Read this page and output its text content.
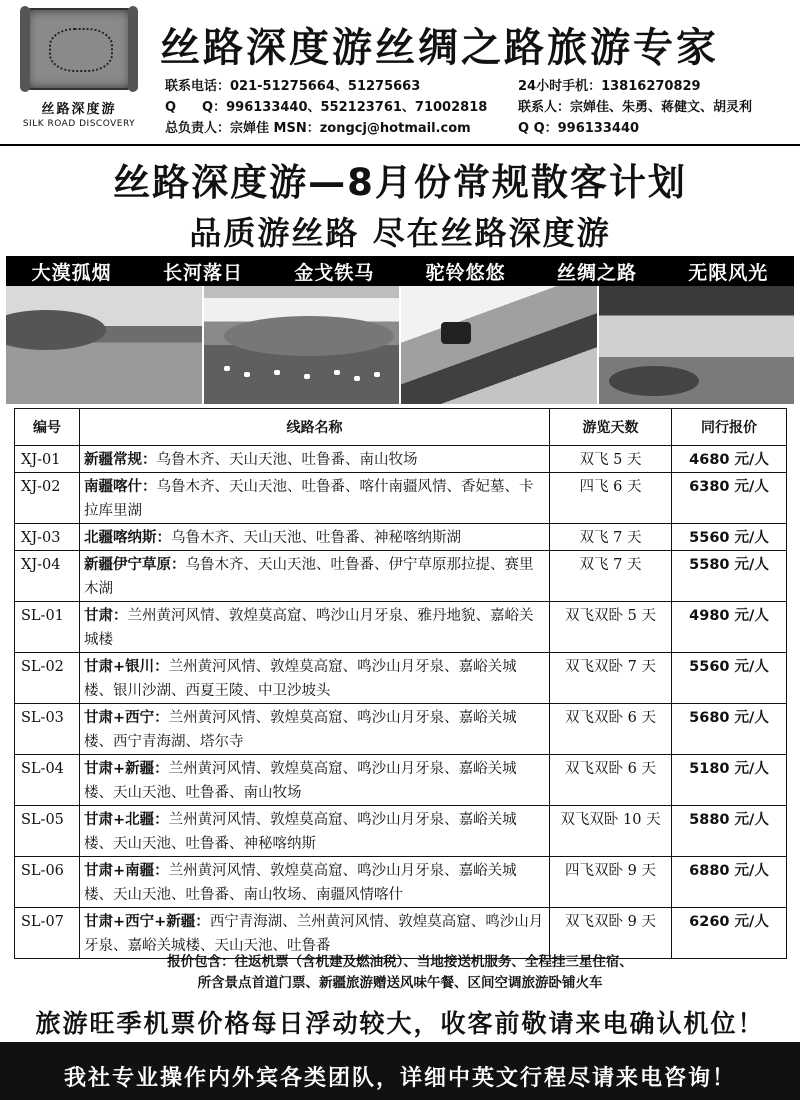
丝路深度游
SILK ROAD DISCOVERY
丝路深度游丝绸之路旅游专家
联系电话：021-51275664、51275663
Q　　Q：996133440、552123761、71002818
总负责人：宗婵佳 MSN：zongcj@hotmail.com
24小时手机：13816270829
联系人：宗婵佳、朱勇、蒋健文、胡灵利
Q Q：996133440
丝路深度游—8月份常规散客计划
品质游丝路 尽在丝路深度游
大漠孤烟	长河落日	金戈铁马	驼铃悠悠	丝绸之路	无限风光
编号	线路名称	游览天数	同行报价
XJ-01	新疆常规：乌鲁木齐、天山天池、吐鲁番、南山牧场	双飞 5 天	4680 元/人
XJ-02	南疆喀什：乌鲁木齐、天山天池、吐鲁番、喀什南疆风情、香妃墓、卡拉库里湖	四飞 6 天	6380 元/人
XJ-03	北疆喀纳斯：乌鲁木齐、天山天池、吐鲁番、神秘喀纳斯湖	双飞 7 天	5560 元/人
XJ-04	新疆伊宁草原：乌鲁木齐、天山天池、吐鲁番、伊宁草原那拉提、赛里木湖	双飞 7 天	5580 元/人
SL-01	甘肃：兰州黄河风情、敦煌莫高窟、鸣沙山月牙泉、雅丹地貌、嘉峪关城楼	双飞双卧 5 天	4980 元/人
SL-02	甘肃+银川：兰州黄河风情、敦煌莫高窟、鸣沙山月牙泉、嘉峪关城楼、银川沙湖、西夏王陵、中卫沙坡头	双飞双卧 7 天	5560 元/人
SL-03	甘肃+西宁：兰州黄河风情、敦煌莫高窟、鸣沙山月牙泉、嘉峪关城楼、西宁青海湖、塔尔寺	双飞双卧 6 天	5680 元/人
SL-04	甘肃+新疆：兰州黄河风情、敦煌莫高窟、鸣沙山月牙泉、嘉峪关城楼、天山天池、吐鲁番、南山牧场	双飞双卧 6 天	5180 元/人
SL-05	甘肃+北疆：兰州黄河风情、敦煌莫高窟、鸣沙山月牙泉、嘉峪关城楼、天山天池、吐鲁番、神秘喀纳斯	双飞双卧 10 天	5880 元/人
SL-06	甘肃+南疆：兰州黄河风情、敦煌莫高窟、鸣沙山月牙泉、嘉峪关城楼、天山天池、吐鲁番、南山牧场、南疆风情喀什	四飞双卧 9 天	6880 元/人
SL-07	甘肃+西宁+新疆：西宁青海湖、兰州黄河风情、敦煌莫高窟、鸣沙山月牙泉、嘉峪关城楼、天山天池、吐鲁番	双飞双卧 9 天	6260 元/人
报价包含：往返机票（含机建及燃油税）、当地接送机服务、全程挂三星住宿、
所含景点首道门票、新疆旅游赠送风味午餐、区间空调旅游卧铺火车
旅游旺季机票价格每日浮动较大，收客前敬请来电确认机位！
我社专业操作内外宾各类团队，详细中英文行程尽请来电咨询！
